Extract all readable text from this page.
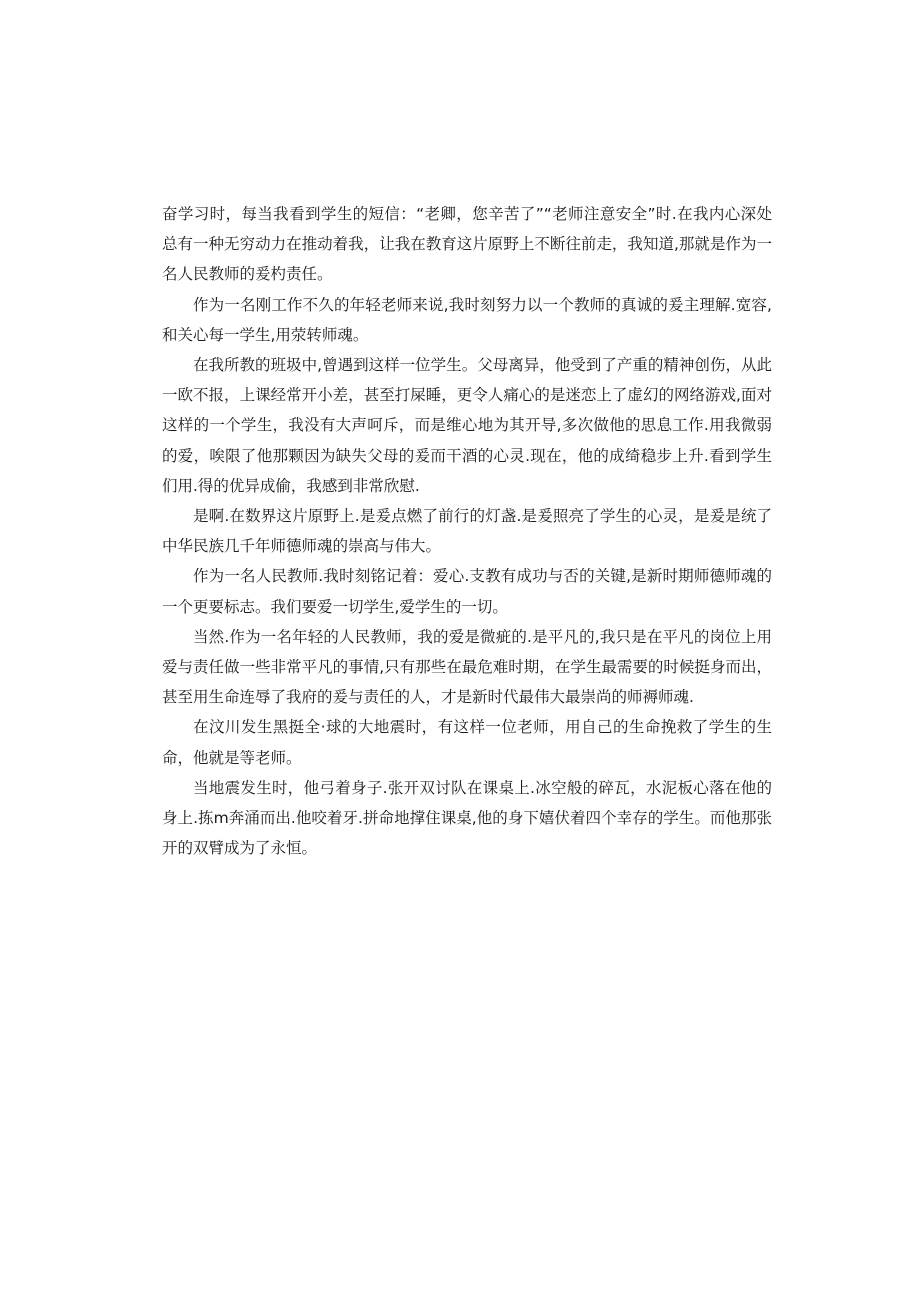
奋学习时，每当我看到学生的短信：“老卿，您辛苦了”“老师注意安全”时.在我内心深处总有一种无穷动力在推动着我，让我在教育这片原野上不断往前走，我知道,那就是作为一名人民教师的爰杓责任。

作为一名刚工作不久的年轻老师来说,我时刻努力以一个教师的真诚的爰主理解.宽容,和关心每一学生,用荥转师魂。

在我所教的班圾中,曾遇到这样一位学生。父母离异，他受到了产重的精神创伤，从此一欧不报，上课经常开小差，甚至打屎睡，更令人痛心的是迷恋上了虚幻的网络游戏,面对这样的一个学生，我没有大声呵斥，而是维心地为其开导,多次做他的思息工作.用我微弱的爱，唉限了他那颗因为缺失父母的爰而干酒的心灵.现在，他的成绮稳步上升.看到学生们用.得的优异成偷，我感到非常欣慰.

是啊.在数界这片原野上.是爰点燃了前行的灯盏.是爰照亮了学生的心灵，是爰是统了中华民族几千年师德师魂的崇高与伟大。

作为一名人民教师.我时刻铭记着：爱心.支教有成功与否的关键,是新时期师德师魂的一个更要标志。我们要爱一切学生,爱学生的一切。

当然.作为一名年轻的人民教师，我的爱是微疵的.是平凡的,我只是在平凡的岗位上用爱与责任做一些非常平凡的事情,只有那些在最危难时期，在学生最需要的时候挺身而出，甚至用生命连辱了我府的爰与责任的人，才是新时代最伟大最崇尚的师褥师魂.

在汶川发生黑挺全·球的大地震时，有这样一位老师，用自己的生命挽救了学生的生命，他就是等老师。

当地震发生时，他弓着身子.张开双讨队在课桌上.冰空般的碎瓦，水泥板心落在他的身上.拣m奔涌而出.他咬着牙.拼命地撑住课桌,他的身下嬉伏着四个幸存的学生。而他那张开的双臂成为了永恒。
